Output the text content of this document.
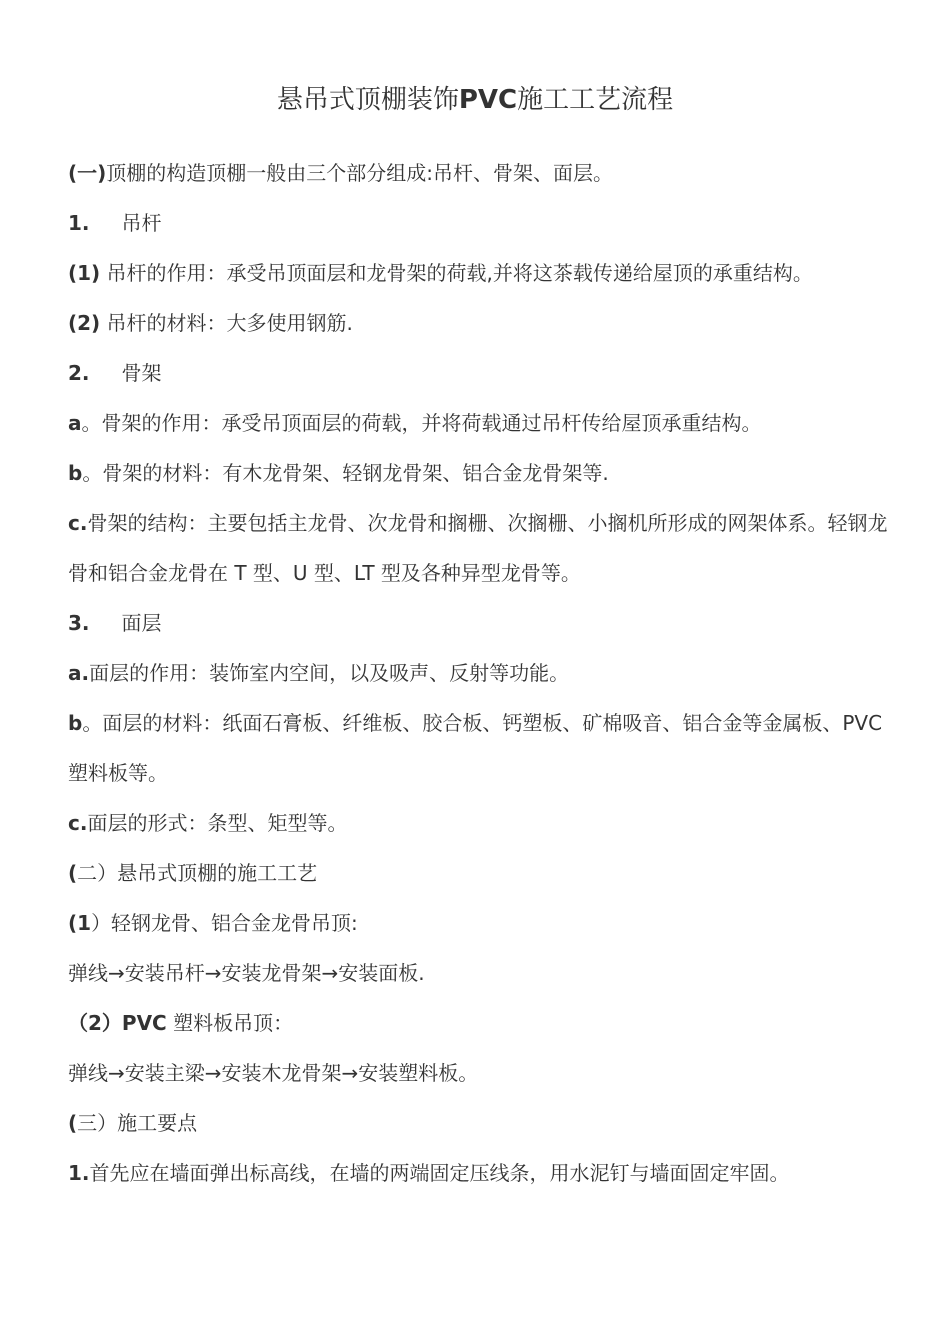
悬吊式顶棚装饰PVC施工工艺流程

(一)顶棚的构造顶棚一般由三个部分组成:吊杆、骨架、面层。

1. 吊杆

(1) 吊杆的作用：承受吊顶面层和龙骨架的荷载,并将这茶载传递给屋顶的承重结构。

(2) 吊杆的材料：大多使用钢筋.

2. 骨架

a。骨架的作用：承受吊顶面层的荷载，并将荷载通过吊杆传给屋顶承重结构。

b。骨架的材料：有木龙骨架、轻钢龙骨架、铝合金龙骨架等.

c.骨架的结构：主要包括主龙骨、次龙骨和搁栅、次搁栅、小搁机所形成的网架体系。轻钢龙骨和铝合金龙骨在 T 型、U 型、LT 型及各种异型龙骨等。

3. 面层

a.面层的作用：装饰室内空间，以及吸声、反射等功能。

b。面层的材料：纸面石膏板、纤维板、胶合板、钙塑板、矿棉吸音、铝合金等金属板、PVC 塑料板等。

c.面层的形式：条型、矩型等。

(二）悬吊式顶棚的施工工艺

(1）轻钢龙骨、铝合金龙骨吊顶:

弹线→安装吊杆→安装龙骨架→安装面板.

（2）PVC 塑料板吊顶：

弹线→安装主梁→安装木龙骨架→安装塑料板。

(三）施工要点

1.首先应在墙面弹出标高线，在墙的两端固定压线条，用水泥钉与墙面固定牢固。
